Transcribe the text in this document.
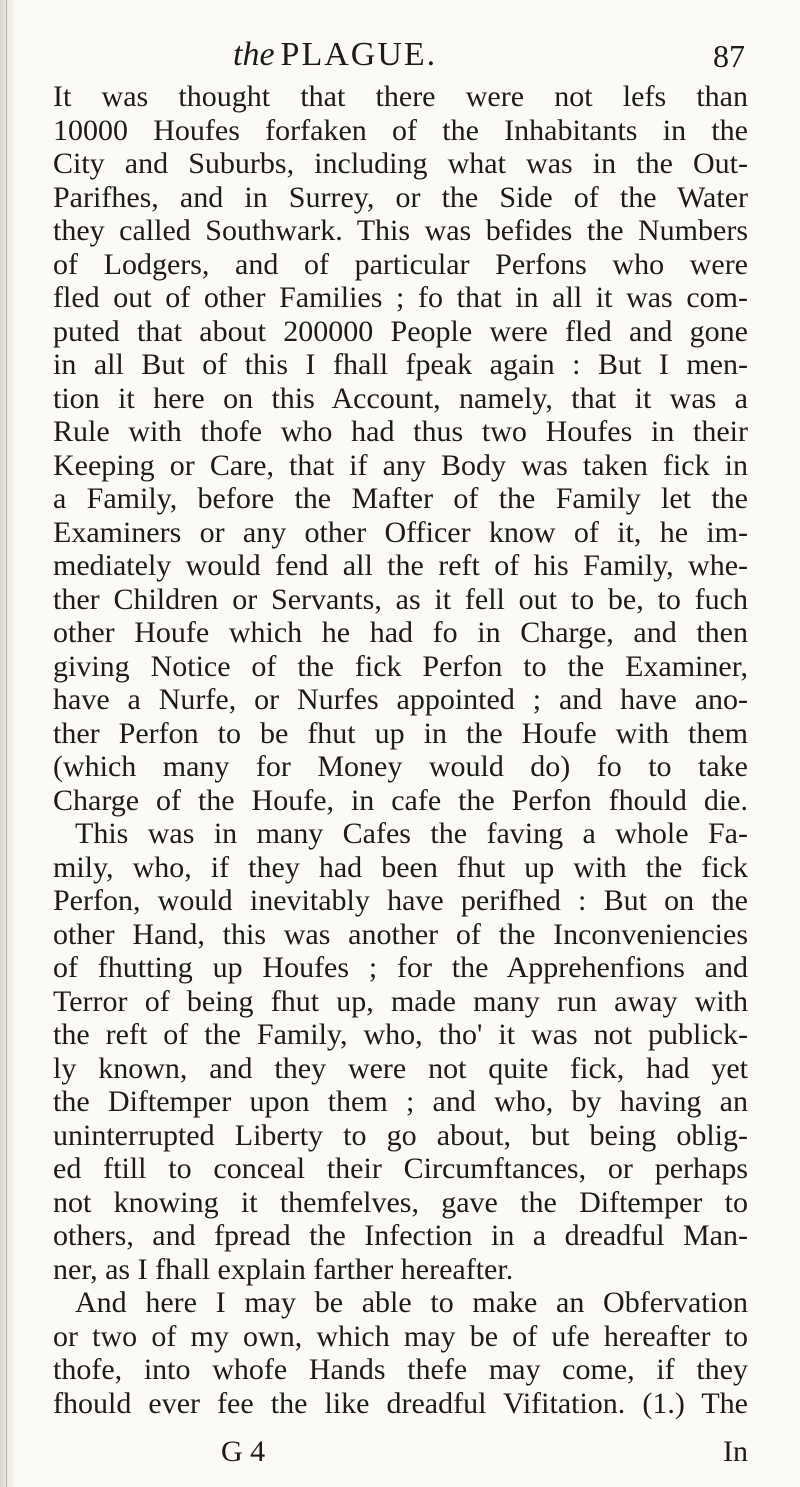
the PLAGUE.	87
It was thought that there were not lefs than
10000 Houfes forfaken of the Inhabitants in the
City and Suburbs, including what was in the Out-
Parifhes, and in Surrey, or the Side of the Water
they called Southwark. This was befides the Numbers
of Lodgers, and of particular Perfons who were
fled out of other Families ; fo that in all it was com-
puted that about 200000 People were fled and gone
in all But of this I fhall fpeak again : But I men-
tion it here on this Account, namely, that it was a
Rule with thofe who had thus two Houfes in their
Keeping or Care, that if any Body was taken fick in
a Family, before the Mafter of the Family let the
Examiners or any other Officer know of it, he im-
mediately would fend all the reft of his Family, whe-
ther Children or Servants, as it fell out to be, to fuch
other Houfe which he had fo in Charge, and then
giving Notice of the fick Perfon to the Examiner,
have a Nurfe, or Nurfes appointed ; and have ano-
ther Perfon to be fhut up in the Houfe with them
(which many for Money would do) fo to take
Charge of the Houfe, in cafe the Perfon fhould die.
This was in many Cafes the faving a whole Fa-
mily, who, if they had been fhut up with the fick
Perfon, would inevitably have perifhed : But on the
other Hand, this was another of the Inconveniencies
of fhutting up Houfes ; for the Apprehenfions and
Terror of being fhut up, made many run away with
the reft of the Family, who, tho' it was not publick-
ly known, and they were not quite fick, had yet
the Diftemper upon them ; and who, by having an
uninterrupted Liberty to go about, but being oblig-
ed ftill to conceal their Circumftances, or perhaps
not knowing it themfelves, gave the Diftemper to
others, and fpread the Infection in a dreadful Man-
ner, as I fhall explain farther hereafter.
And here I may be able to make an Obfervation
or two of my own, which may be of ufe hereafter to
thofe, into whofe Hands thefe may come, if they
fhould ever fee the like dreadful Vifitation. (1.) The
G 4	In
